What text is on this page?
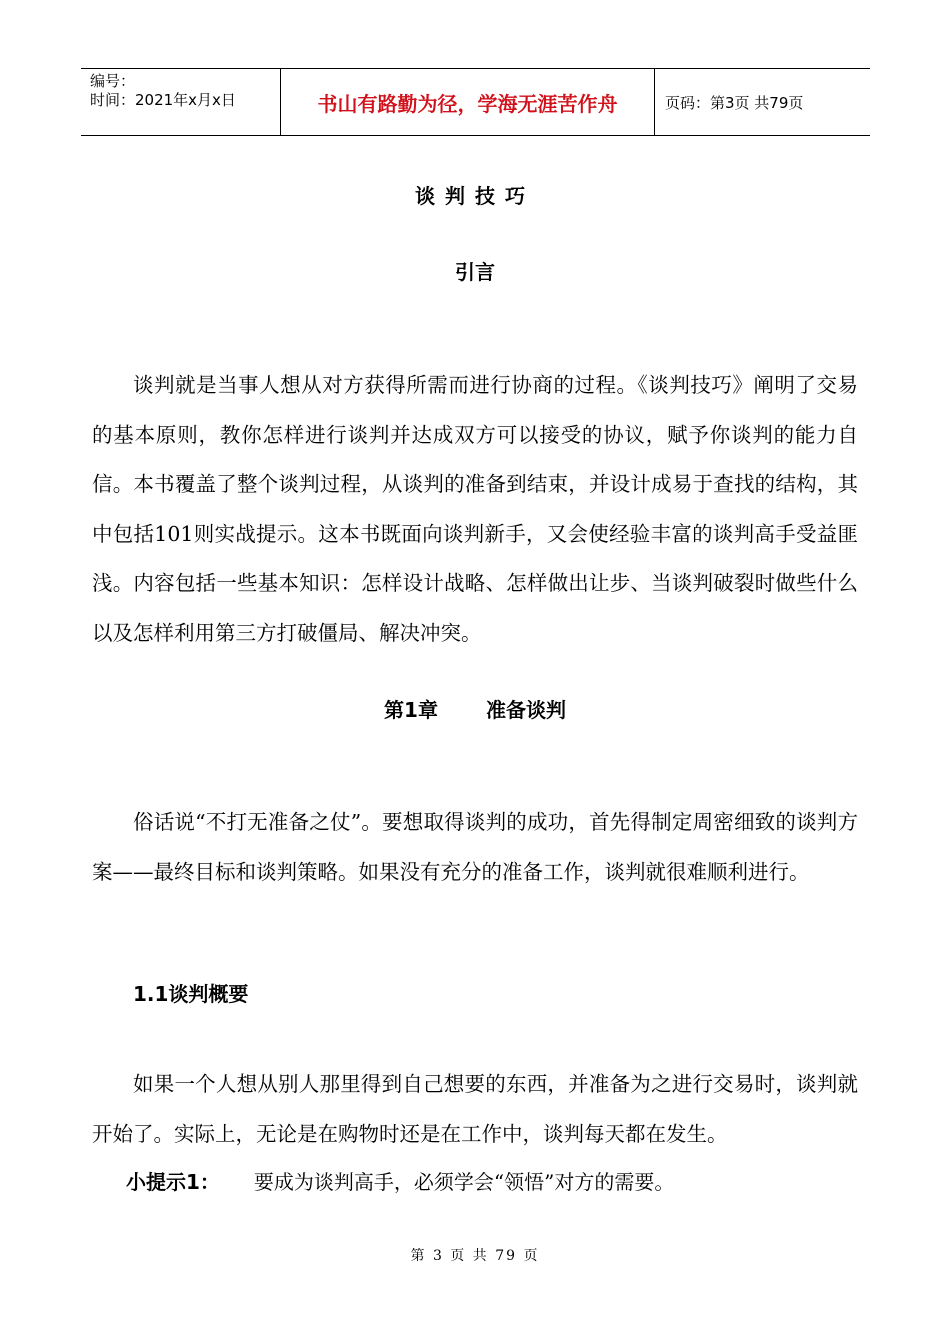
编号：
时间：2021年x月x日	书山有路勤为径，学海无涯苦作舟	页码：第3页 共79页
谈判技巧
引言

谈判就是当事人想从对方获得所需而进行协商的过程。《谈判技巧》阐明了交易的基本原则，教你怎样进行谈判并达成双方可以接受的协议，赋予你谈判的能力自信。本书覆盖了整个谈判过程，从谈判的准备到结束，并设计成易于查找的结构，其中包括101则实战提示。这本书既面向谈判新手，又会使经验丰富的谈判高手受益匪浅。内容包括一些基本知识：怎样设计战略、怎样做出让步、当谈判破裂时做些什么以及怎样利用第三方打破僵局、解决冲突。

第1章 准备谈判

俗话说“不打无准备之仗”。要想取得谈判的成功，首先得制定周密细致的谈判方案——最终目标和谈判策略。如果没有充分的准备工作，谈判就很难顺利进行。

1.1谈判概要

如果一个人想从别人那里得到自己想要的东西，并准备为之进行交易时，谈判就开始了。实际上，无论是在购物时还是在工作中，谈判每天都在发生。

小提示1： 要成为谈判高手，必须学会“领悟”对方的需要。
第 3 页 共 79 页
